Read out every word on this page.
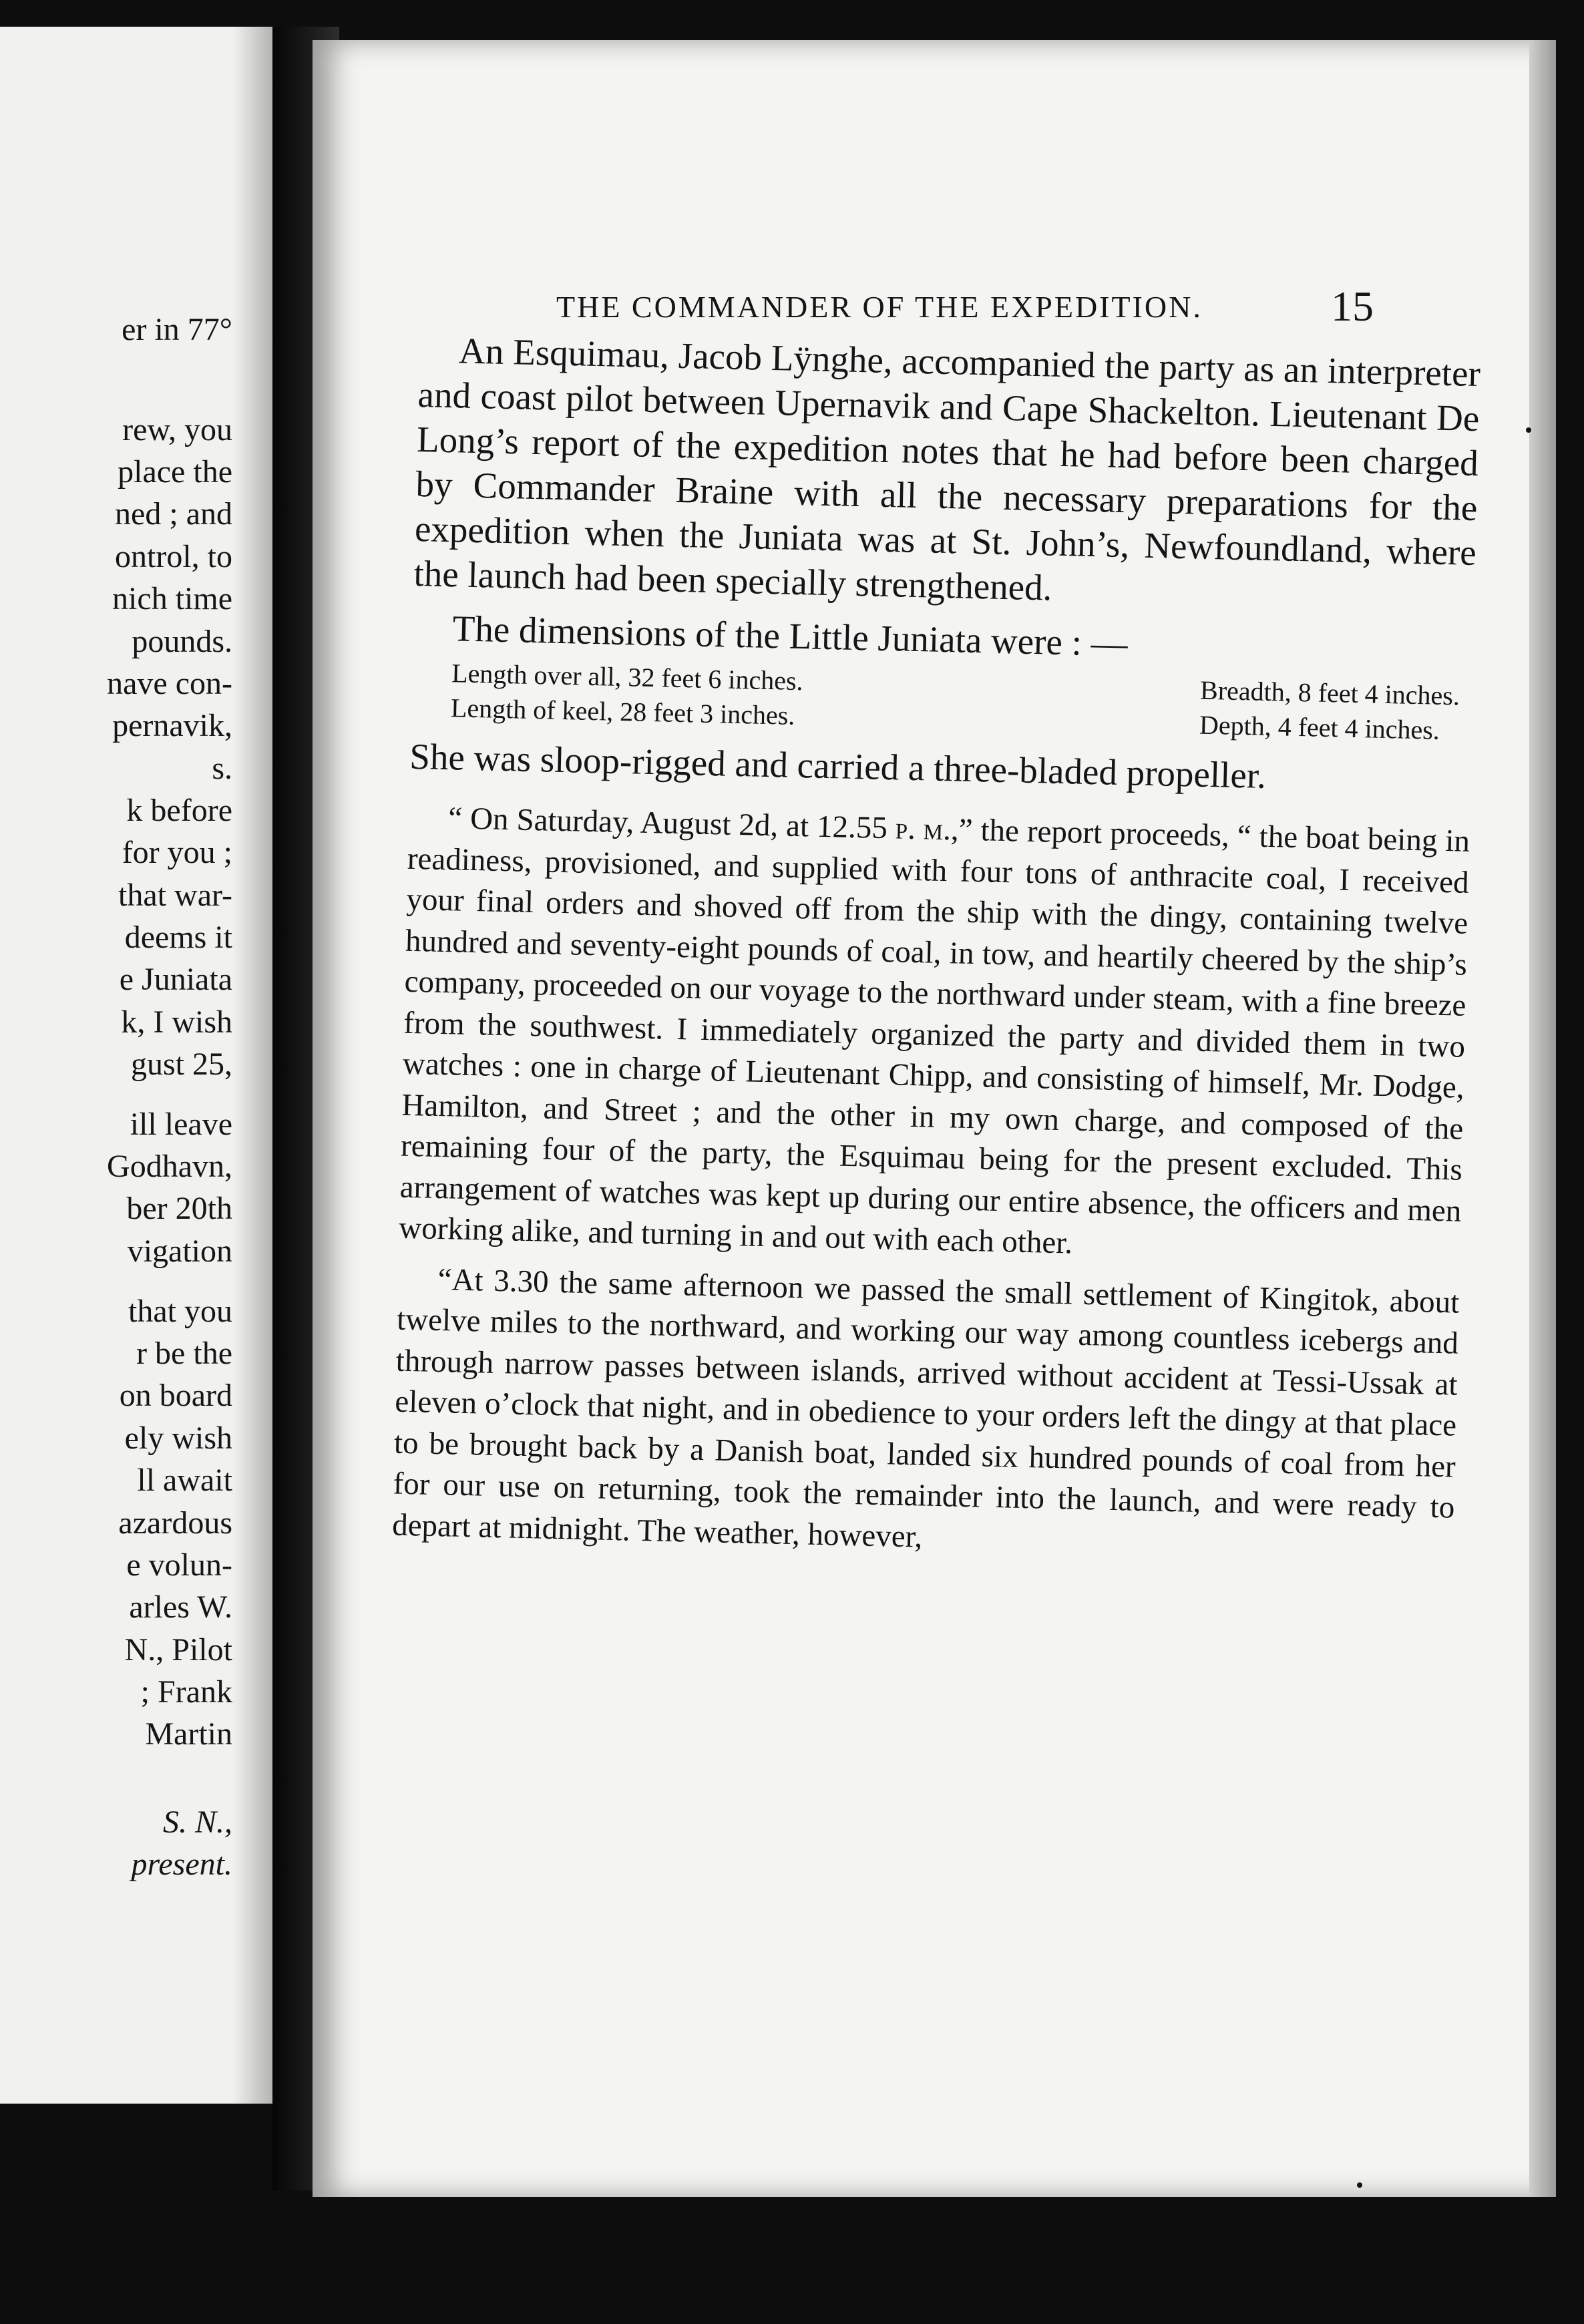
er in 77°
rew, you
place the
ned ; and
ontrol, to
nich time
pounds.
nave con-
pernavik,
s.
k before
for you ;
that war-
deems it
e Juniata
k, I wish
gust 25,
ill leave
Godhavn,
ber 20th
vigation
that you
r be the
on board
ely wish
ll await
azardous
e volun-
arles W.
N., Pilot
; Frank
Martin
S. N.,
present.
THE COMMANDER OF THE EXPEDITION.	15

An Esquimau, Jacob Lÿnghe, accompanied the party as an interpreter and coast pilot between Upernavik and Cape Shackelton. Lieutenant De Long’s report of the expedition notes that he had before been charged by Commander Braine with all the necessary preparations for the expedition when the Juniata was at St. John’s, Newfoundland, where the launch had been specially strengthened.

The dimensions of the Little Juniata were : —

Length over all, 32 feet 6 inches.
Length of keel, 28 feet 3 inches.	Breadth, 8 feet 4 inches.
Depth, 4 feet 4 inches.

She was sloop-rigged and carried a three-bladed propeller.

“ On Saturday, August 2d, at 12.55 p. m.,” the report proceeds, “ the boat being in readiness, provisioned, and supplied with four tons of anthracite coal, I received your final orders and shoved off from the ship with the dingy, containing twelve hundred and seventy-eight pounds of coal, in tow, and heartily cheered by the ship’s company, proceeded on our voyage to the northward under steam, with a fine breeze from the southwest. I immediately organized the party and divided them in two watches : one in charge of Lieutenant Chipp, and consisting of himself, Mr. Dodge, Hamilton, and Street ; and the other in my own charge, and composed of the remaining four of the party, the Esquimau being for the present excluded. This arrangement of watches was kept up during our entire absence, the officers and men working alike, and turning in and out with each other.

“At 3.30 the same afternoon we passed the small settlement of Kingitok, about twelve miles to the northward, and working our way among countless icebergs and through narrow passes between islands, arrived without accident at Tessi-Ussak at eleven o’clock that night, and in obedience to your orders left the dingy at that place to be brought back by a Danish boat, landed six hundred pounds of coal from her for our use on returning, took the remainder into the launch, and were ready to depart at midnight. The weather, however,
